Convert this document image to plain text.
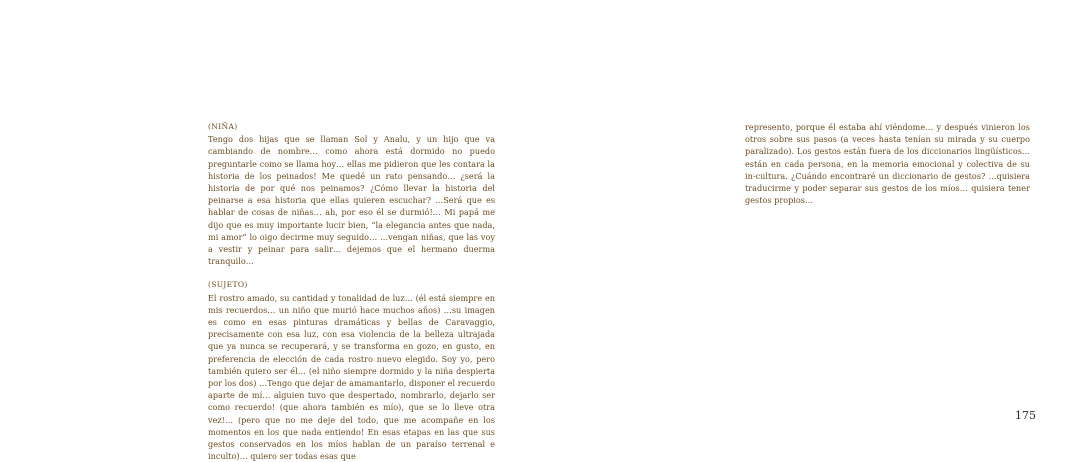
(NIÑA)

Tengo dos hijas que se llaman Sol y Analu, y un hijo que va cambiando de nombre… como ahora está dormido no puedo preguntarle como se llama hoy… ellas me pidieron que les contara la historia de los peinados! Me quedé un rato pensando… ¿será la historia de por qué nos peinamos? ¿Cómo llevar la historia del peinarse a esa historia que ellas quieren escuchar? …Será que es hablar de cosas de niñas… ah, por eso él se durmió!… Mi papá me dijo que es muy importante lucir bien, “la elegancia antes que nada, mi amor” lo oigo decirme muy seguido… …vengan niñas, que las voy a vestir y peinar para salir… dejemos que el hermano duerma tranquilo…

(SUJETO)

El rostro amado, su cantidad y tonalidad de luz… (él está siempre en mis recuerdos… un niño que murió hace muchos años) …su imagen es como en esas pinturas dramáticas y bellas de Caravaggio, precisamente con esa luz, con esa violencia de la belleza ultrajada que ya nunca se recuperará, y se transforma en gozo, en gusto, en preferencia de elección de cada rostro nuevo elegido. Soy yo, pero también quiero ser él… (el niño siempre dormido y la niña despierta por los dos) …Tengo que dejar de amamantarlo, disponer el recuerdo aparte de mí… alguien tuvo que despertado, nombrarlo, dejarlo ser como recuerdo! (que ahora también es mío), que se lo lleve otra vez!… (pero que no me deje del todo, que me acompañe en los momentos en los que nada entiendo! En esas etapas en las que sus gestos conservados en los míos hablan de un paraíso terrenal e inculto)… quiero ser todas esas que

represento, porque él estaba ahí viéndome… y después vinieron los otros sobre sus pasos (a veces hasta tenían su mirada y su cuerpo paralizado). Los gestos están fuera de los diccionarios lingüísticos… están en cada persona, en la memoria emocional y colectiva de su in-cultura. ¿Cuándo encontraré un diccionario de gestos? …quisiera traducirme y poder separar sus gestos de los míos… quisiera tener gestos propios…

175
